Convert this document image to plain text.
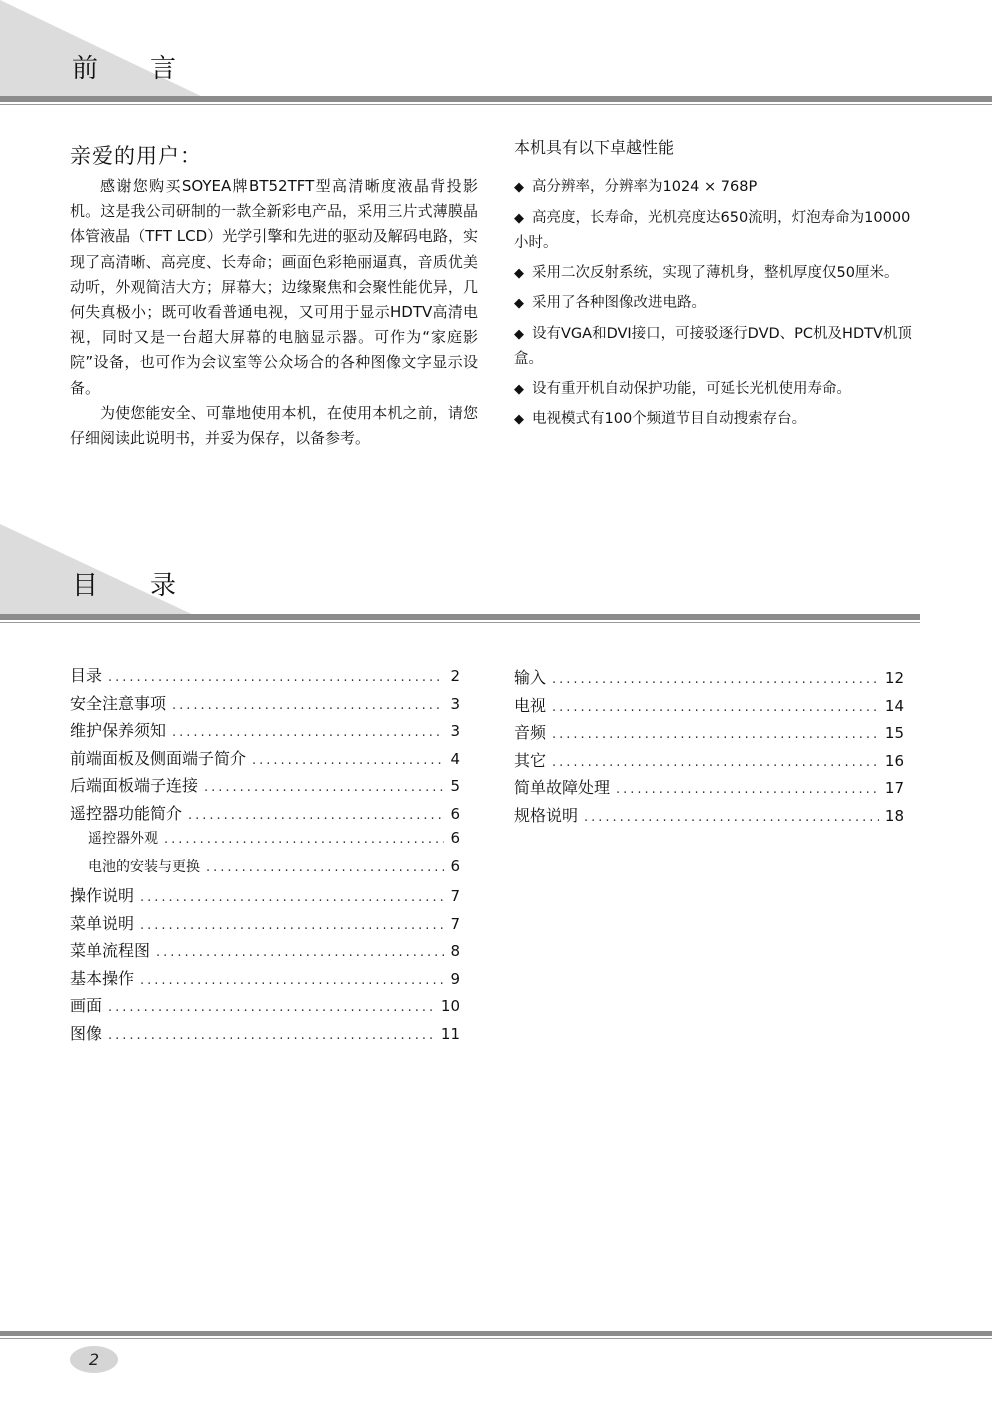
前 言
亲爱的用户：

感谢您购买SOYEA牌BT52TFT型高清晰度液晶背投影机。这是我公司研制的一款全新彩电产品，采用三片式薄膜晶体管液晶（TFT LCD）光学引擎和先进的驱动及解码电路，实现了高清晰、高亮度、长寿命；画面色彩艳丽逼真，音质优美动听，外观简洁大方；屏幕大；边缘聚焦和会聚性能优异，几何失真极小；既可收看普通电视，又可用于显示HDTV高清电视，同时又是一台超大屏幕的电脑显示器。可作为“家庭影院”设备，也可作为会议室等公众场合的各种图像文字显示设备。

为使您能安全、可靠地使用本机，在使用本机之前，请您仔细阅读此说明书，并妥为保存，以备参考。

本机具有以下卓越性能
◆ 高分辨率，分辨率为1024 × 768P
◆ 高亮度，长寿命，光机亮度达650流明，灯泡寿命为10000小时。
◆ 采用二次反射系统，实现了薄机身，整机厚度仅50厘米。
◆ 采用了各种图像改进电路。
◆ 设有VGA和DVI接口，可接驳逐行DVD、PC机及HDTV机顶盒。
◆ 设有重开机自动保护功能，可延长光机使用寿命。
◆ 电视模式有100个频道节目自动搜索存台。
目 录
目录 .....	2
安全注意事项 .....	3
维护保养须知 .....	3
前端面板及侧面端子简介 .....	4
后端面板端子连接 .....	5
遥控器功能简介 .....	6
遥控器外观 .....	6
电池的安装与更换 .....	6
操作说明 .....	7
菜单说明 .....	7
菜单流程图 .....	8
基本操作 .....	9
画面 .....	10
图像 .....	11
输入 .....	12
电视 .....	14
音频 .....	15
其它 .....	16
简单故障处理 .....	17
规格说明 .....	18
2
